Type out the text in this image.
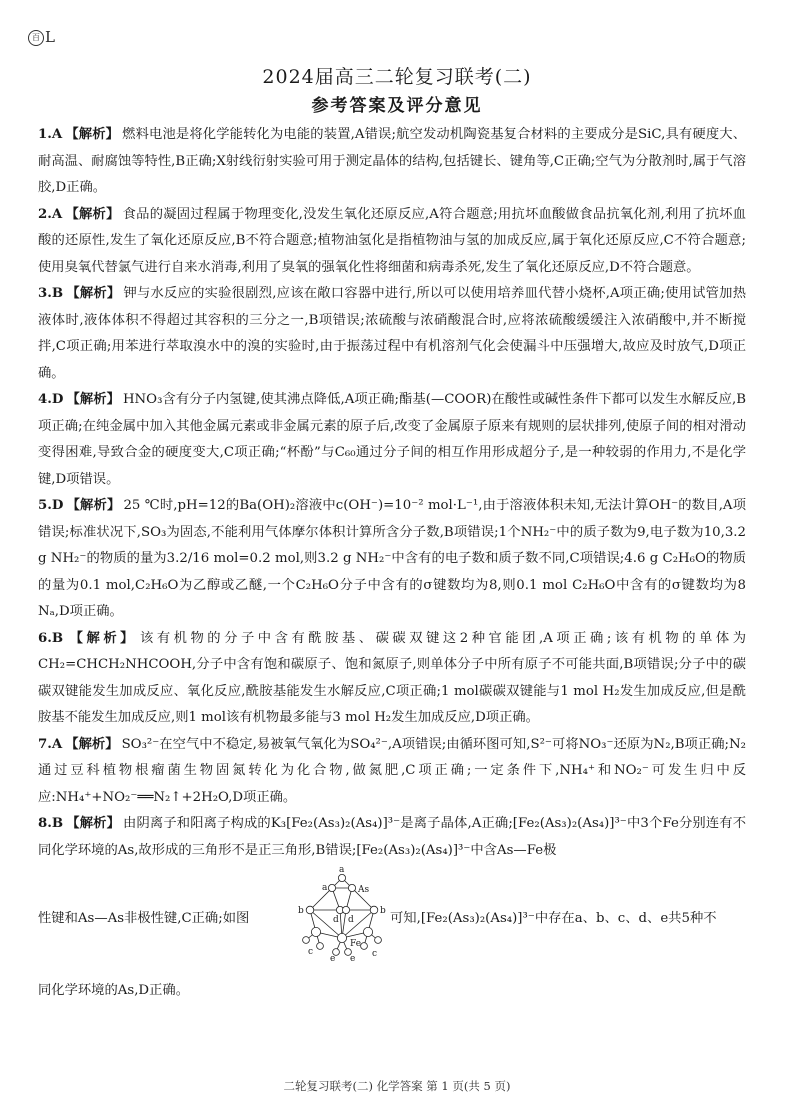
百 L
2024届高三二轮复习联考(二)
参考答案及评分意见
1.A 【解析】 燃料电池是将化学能转化为电能的装置,A错误;航空发动机陶瓷基复合材料的主要成分是SiC,具有硬度大、耐高温、耐腐蚀等特性,B正确;X射线衍射实验可用于测定晶体的结构,包括键长、键角等,C正确;空气为分散剂时,属于气溶胶,D正确。
2.A 【解析】 食品的凝固过程属于物理变化,没发生氧化还原反应,A符合题意;用抗坏血酸做食品抗氧化剂,利用了抗坏血酸的还原性,发生了氧化还原反应,B不符合题意;植物油氢化是指植物油与氢的加成反应,属于氧化还原反应,C不符合题意;使用臭氧代替氯气进行自来水消毒,利用了臭氧的强氧化性将细菌和病毒杀死,发生了氧化还原反应,D不符合题意。
3.B 【解析】 钾与水反应的实验很剧烈,应该在敞口容器中进行,所以可以使用培养皿代替小烧杯,A项正确;使用试管加热液体时,液体体积不得超过其容积的三分之一,B项错误;浓硫酸与浓硝酸混合时,应将浓硫酸缓缓注入浓硝酸中,并不断搅拌,C项正确;用苯进行萃取溴水中的溴的实验时,由于振荡过程中有机溶剂气化会使漏斗中压强增大,故应及时放气,D项正确。
4.D 【解析】 HNO₃含有分子内氢键,使其沸点降低,A项正确;酯基(—COOR)在酸性或碱性条件下都可以发生水解反应,B项正确;在纯金属中加入其他金属元素或非金属元素的原子后,改变了金属原子原来有规则的层状排列,使原子间的相对滑动变得困难,导致合金的硬度变大,C项正确;“杯酚”与C₆₀通过分子间的相互作用形成超分子,是一种较弱的作用力,不是化学键,D项错误。
5.D 【解析】 25 ℃时,pH=12的Ba(OH)₂溶液中c(OH⁻)=10⁻² mol·L⁻¹,由于溶液体积未知,无法计算OH⁻的数目,A项错误;标准状况下,SO₃为固态,不能利用气体摩尔体积计算所含分子数,B项错误;1个NH₂⁻中的质子数为9,电子数为10,3.2 g NH₂⁻的物质的量为3.2/16 mol=0.2 mol,则3.2 g NH₂⁻中含有的电子数和质子数不同,C项错误;4.6 g C₂H₆O的物质的量为0.1 mol,C₂H₆O为乙醇或乙醚,一个C₂H₆O分子中含有的σ键数均为8,则0.1 mol C₂H₆O中含有的σ键数均为8 Nₐ,D项正确。
6.B 【解析】 该有机物的分子中含有酰胺基、碳碳双键这2种官能团,A项正确;该有机物的单体为CH₂=CHCH₂NHCOOH,分子中含有饱和碳原子、饱和氮原子,则单体分子中所有原子不可能共面,B项错误;分子中的碳碳双键能发生加成反应、氧化反应,酰胺基能发生水解反应,C项正确;1 mol碳碳双键能与1 mol H₂发生加成反应,但是酰胺基不能发生加成反应,则1 mol该有机物最多能与3 mol H₂发生加成反应,D项正确。
7.A 【解析】 SO₃²⁻在空气中不稳定,易被氧气氧化为SO₄²⁻,A项错误;由循环图可知,S²⁻可将NO₃⁻还原为N₂,B项正确;N₂通过豆科植物根瘤菌生物固氮转化为化合物,做氮肥,C项正确;一定条件下,NH₄⁺和NO₂⁻可发生归中反应:NH₄⁺+NO₂⁻══N₂↑+2H₂O,D项正确。
8.B 【解析】 由阴离子和阳离子构成的K₃[Fe₂(As₃)₂(As₄)]³⁻是离子晶体,A正确;[Fe₂(As₃)₂(As₄)]³⁻中3个Fe分别连有不同化学环境的As,故形成的三角形不是正三角形,B错误;[Fe₂(As₃)₂(As₄)]³⁻中含As—Fe极
性键和As—As非极性键,C正确;如图
a
a	As
b	b
d d
Fe
c	c
e e
可知,[Fe₂(As₃)₂(As₄)]³⁻中存在a、b、c、d、e共5种不
同化学环境的As,D正确。
二轮复习联考(二) 化学答案 第 1 页(共 5 页)
